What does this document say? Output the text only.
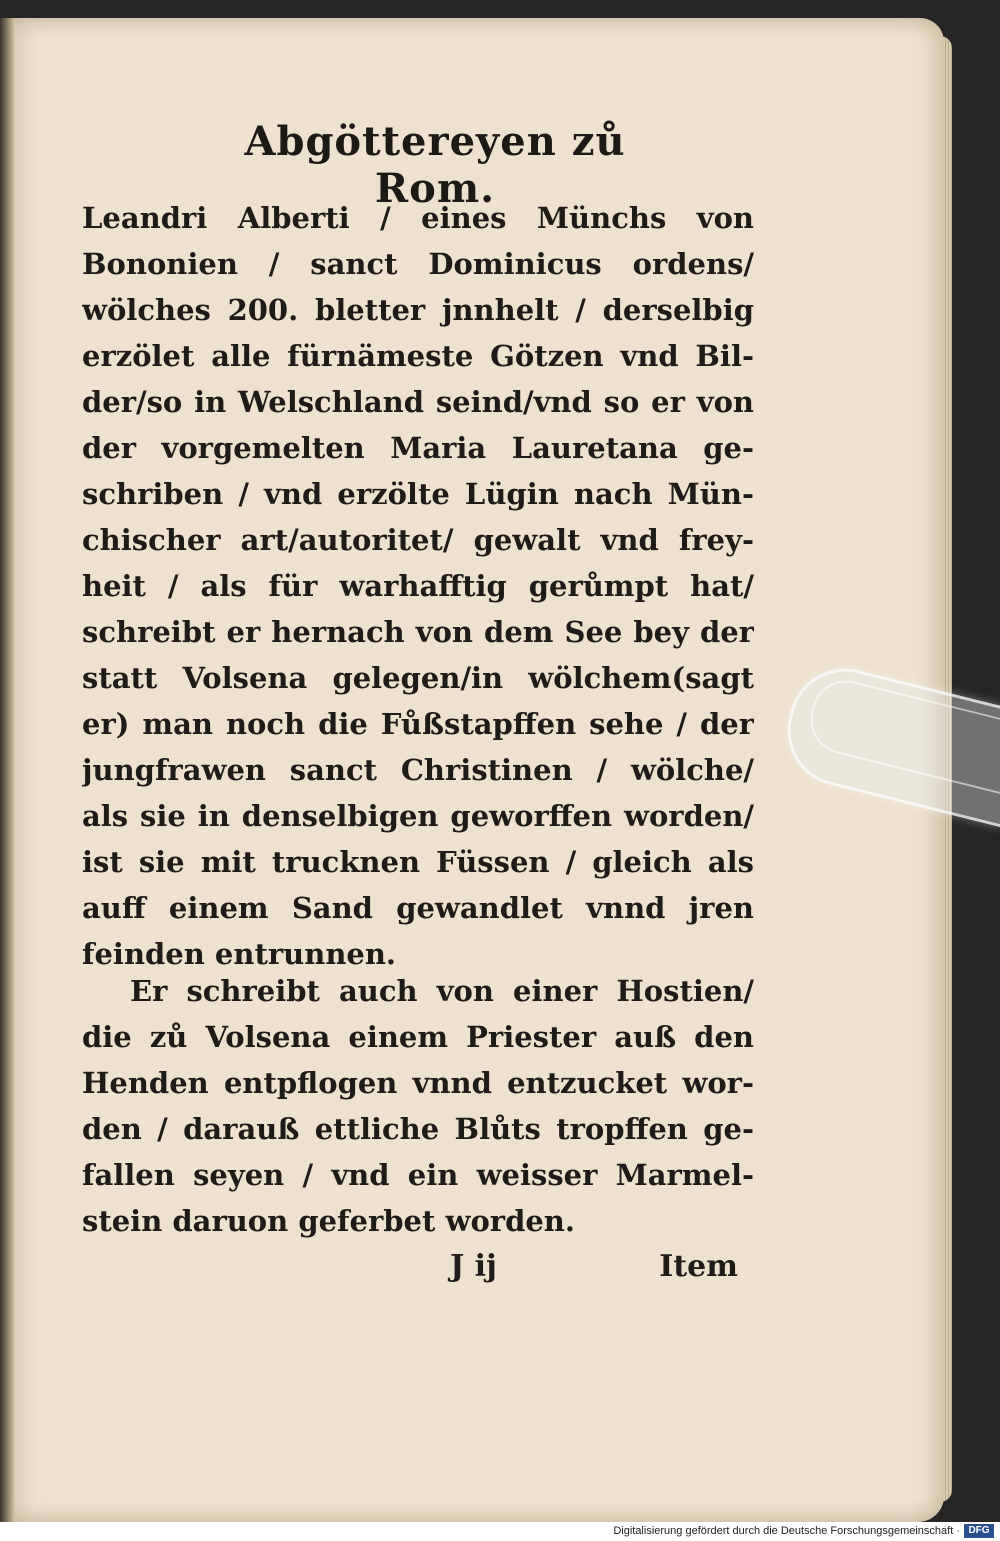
Abgöttereyen zů Rom.
Leandri Alberti / eines Münchs von
Bononien / sanct Dominicus ordens/
wölches 200. bletter jnnhelt / derselbig
erzölet alle fürnämeste Götzen vnd Bil-
der/so in Welschland seind/vnd so er von
der vorgemelten Maria Lauretana ge-
schriben / vnd erzölte Lügin nach Mün-
chischer art/autoritet/ gewalt vnd frey-
heit / als für warhafftig gerůmpt hat/
schreibt er hernach von dem See bey der
statt Volsena gelegen/in wölchem(sagt
er) man noch die Fůßstapffen sehe / der
jungfrawen sanct Christinen / wölche/
als sie in denselbigen geworffen worden/
ist sie mit trucknen Füssen / gleich als
auff einem Sand gewandlet vnnd jren
feinden entrunnen.
Er schreibt auch von einer Hostien/
die zů Volsena einem Priester auß den
Henden entpflogen vnnd entzucket wor-
den / darauß ettliche Blůts tropffen ge-
fallen seyen / vnd ein weisser Marmel-
stein daruon geferbet worden.
J ij	Item
Digitalisierung gefördert durch die Deutsche Forschungsgemeinschaft · DFG
